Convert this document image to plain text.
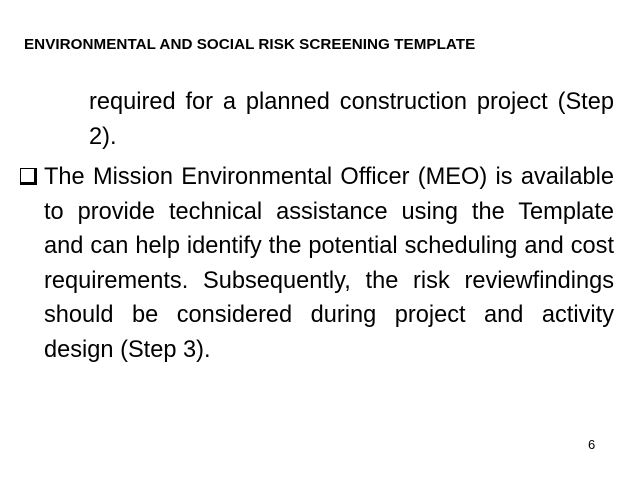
ENVIRONMENTAL AND SOCIAL RISK SCREENING TEMPLATE
required for a planned construction project (Step 2).
The Mission Environmental Officer (MEO) is available to provide technical assistance using the Template and can help identify the potential scheduling and cost requirements. Subsequently, the risk reviewfindings should be considered during project and activity design (Step 3).
6
